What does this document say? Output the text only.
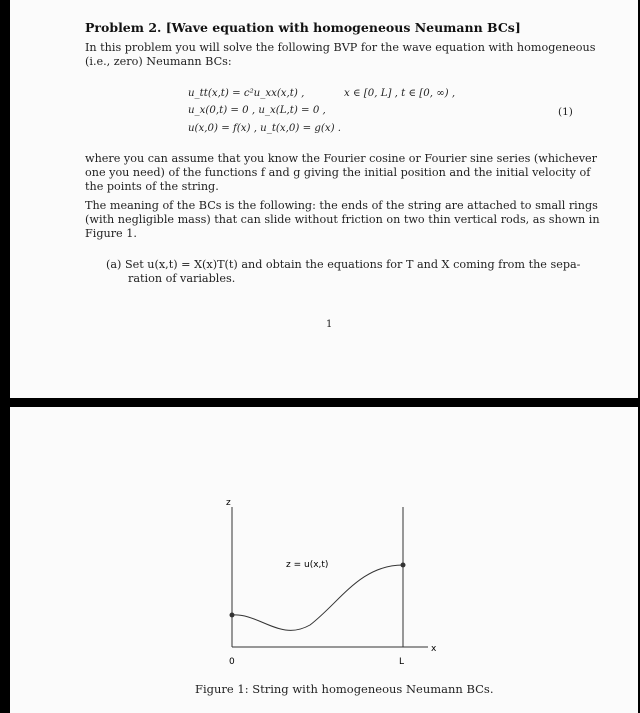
Problem 2. [Wave equation with homogeneous Neumann BCs]
In this problem you will solve the following BVP for the wave equation with homogeneous
(i.e., zero) Neumann BCs:
u_tt(x,t) = c²u_xx(x,t) ,	x ∈ [0, L] , t ∈ [0, ∞) ,
u_x(0,t) = 0 , u_x(L,t) = 0 ,
u(x,0) = f(x) , u_t(x,0) = g(x) .
(1)
where you can assume that you know the Fourier cosine or Fourier sine series (whichever
one you need) of the functions f and g giving the initial position and the initial velocity of
the points of the string.
The meaning of the BCs is the following: the ends of the string are attached to small rings
(with negligible mass) that can slide without friction on two thin vertical rods, as shown in
Figure 1.
(a) Set u(x,t) = X(x)T(t) and obtain the equations for T and X coming from the sepa-
ration of variables.
1
z
z = u(x,t)
0	L
x
Figure 1: String with homogeneous Neumann BCs.
